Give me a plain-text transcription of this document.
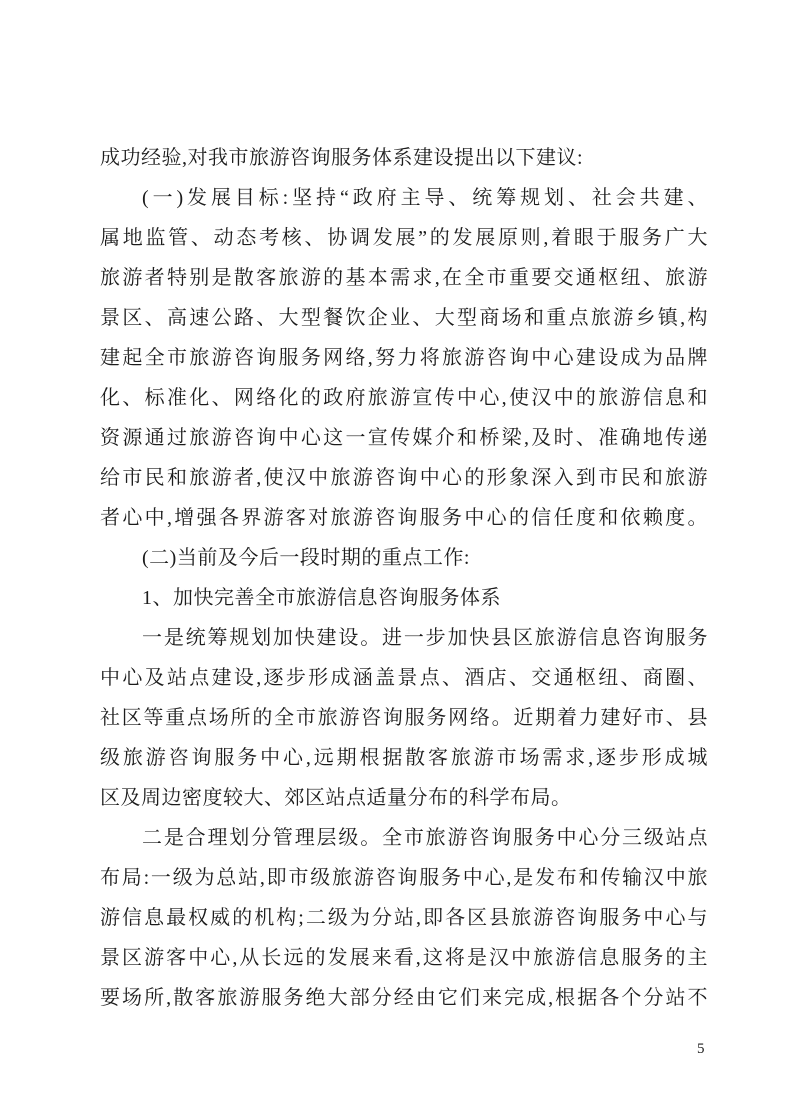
成功经验,对我市旅游咨询服务体系建设提出以下建议:
(一)发展目标:坚持“政府主导、统筹规划、社会共建、
属地监管、动态考核、协调发展”的发展原则,着眼于服务广大
旅游者特别是散客旅游的基本需求,在全市重要交通枢纽、旅游
景区、高速公路、大型餐饮企业、大型商场和重点旅游乡镇,构
建起全市旅游咨询服务网络,努力将旅游咨询中心建设成为品牌
化、标准化、网络化的政府旅游宣传中心,使汉中的旅游信息和
资源通过旅游咨询中心这一宣传媒介和桥梁,及时、准确地传递
给市民和旅游者,使汉中旅游咨询中心的形象深入到市民和旅游
者心中,增强各界游客对旅游咨询服务中心的信任度和依赖度。
(二)当前及今后一段时期的重点工作:
1、加快完善全市旅游信息咨询服务体系
一是统筹规划加快建设。进一步加快县区旅游信息咨询服务
中心及站点建设,逐步形成涵盖景点、酒店、交通枢纽、商圈、
社区等重点场所的全市旅游咨询服务网络。近期着力建好市、县
级旅游咨询服务中心,远期根据散客旅游市场需求,逐步形成城
区及周边密度较大、郊区站点适量分布的科学布局。
二是合理划分管理层级。全市旅游咨询服务中心分三级站点
布局:一级为总站,即市级旅游咨询服务中心,是发布和传输汉中旅
游信息最权威的机构;二级为分站,即各区县旅游咨询服务中心与
景区游客中心,从长远的发展来看,这将是汉中旅游信息服务的主
要场所,散客旅游服务绝大部分经由它们来完成,根据各个分站不
5
